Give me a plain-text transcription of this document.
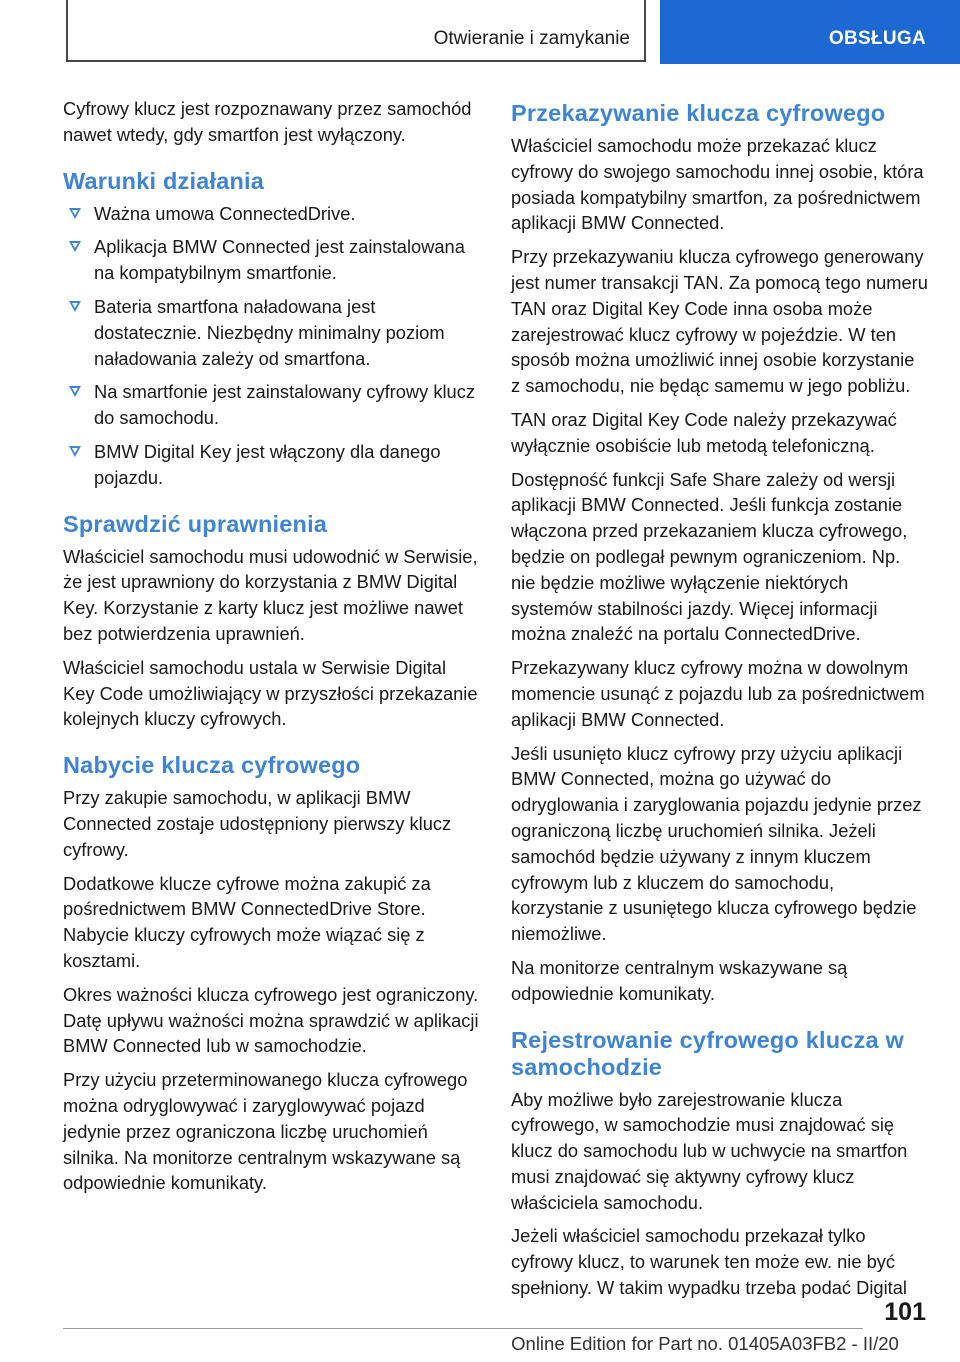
Otwieranie i zamykanie	OBSŁUGA

Cyfrowy klucz jest rozpoznawany przez samochód nawet wtedy, gdy smartfon jest wyłączony.

Warunki działania
Ważna umowa ConnectedDrive.
Aplikacja BMW Connected jest zainstalowana na kompatybilnym smartfonie.
Bateria smartfona naładowana jest dostatecznie. Niezbędny minimalny poziom naładowania zależy od smartfona.
Na smartfonie jest zainstalowany cyfrowy klucz do samochodu.
BMW Digital Key jest włączony dla danego pojazdu.
Sprawdzić uprawnienia

Właściciel samochodu musi udowodnić w Serwisie, że jest uprawniony do korzystania z BMW Digital Key. Korzystanie z karty klucz jest możliwe nawet bez potwierdzenia uprawnień.

Właściciel samochodu ustala w Serwisie Digital Key Code umożliwiający w przyszłości przekazanie kolejnych kluczy cyfrowych.

Nabycie klucza cyfrowego

Przy zakupie samochodu, w aplikacji BMW Connected zostaje udostępniony pierwszy klucz cyfrowy.

Dodatkowe klucze cyfrowe można zakupić za pośrednictwem BMW ConnectedDrive Store. Nabycie kluczy cyfrowych może wiązać się z kosztami.

Okres ważności klucza cyfrowego jest ograniczony. Datę upływu ważności można sprawdzić w aplikacji BMW Connected lub w samochodzie.

Przy użyciu przeterminowanego klucza cyfrowego można odryglowywać i zaryglowywać pojazd jedynie przez ograniczona liczbę uruchomień silnika. Na monitorze centralnym wskazywane są odpowiednie komunikaty.

Przekazywanie klucza cyfrowego

Właściciel samochodu może przekazać klucz cyfrowy do swojego samochodu innej osobie, która posiada kompatybilny smartfon, za pośrednictwem aplikacji BMW Connected.

Przy przekazywaniu klucza cyfrowego generowany jest numer transakcji TAN. Za pomocą tego numeru TAN oraz Digital Key Code inna osoba może zarejestrować klucz cyfrowy w pojeździe. W ten sposób można umożliwić innej osobie korzystanie z samochodu, nie będąc samemu w jego pobliżu.

TAN oraz Digital Key Code należy przekazywać wyłącznie osobiście lub metodą telefoniczną.

Dostępność funkcji Safe Share zależy od wersji aplikacji BMW Connected. Jeśli funkcja zostanie włączona przed przekazaniem klucza cyfrowego, będzie on podlegał pewnym ograniczeniom. Np. nie będzie możliwe wyłączenie niektórych systemów stabilności jazdy. Więcej informacji można znaleźć na portalu ConnectedDrive.

Przekazywany klucz cyfrowy można w dowolnym momencie usunąć z pojazdu lub za pośrednictwem aplikacji BMW Connected.

Jeśli usunięto klucz cyfrowy przy użyciu aplikacji BMW Connected, można go używać do odryglowania i zaryglowania pojazdu jedynie przez ograniczoną liczbę uruchomień silnika. Jeżeli samochód będzie używany z innym kluczem cyfrowym lub z kluczem do samochodu, korzystanie z usuniętego klucza cyfrowego będzie niemożliwe.

Na monitorze centralnym wskazywane są odpowiednie komunikaty.

Rejestrowanie cyfrowego klucza w samochodzie

Aby możliwe było zarejestrowanie klucza cyfrowego, w samochodzie musi znajdować się klucz do samochodu lub w uchwycie na smartfon musi znajdować się aktywny cyfrowy klucz właściciela samochodu.

Jeżeli właściciel samochodu przekazał tylko cyfrowy klucz, to warunek ten może ew. nie być spełniony. W takim wypadku trzeba podać Digital

101
Online Edition for Part no. 01405A03FB2 - II/20
